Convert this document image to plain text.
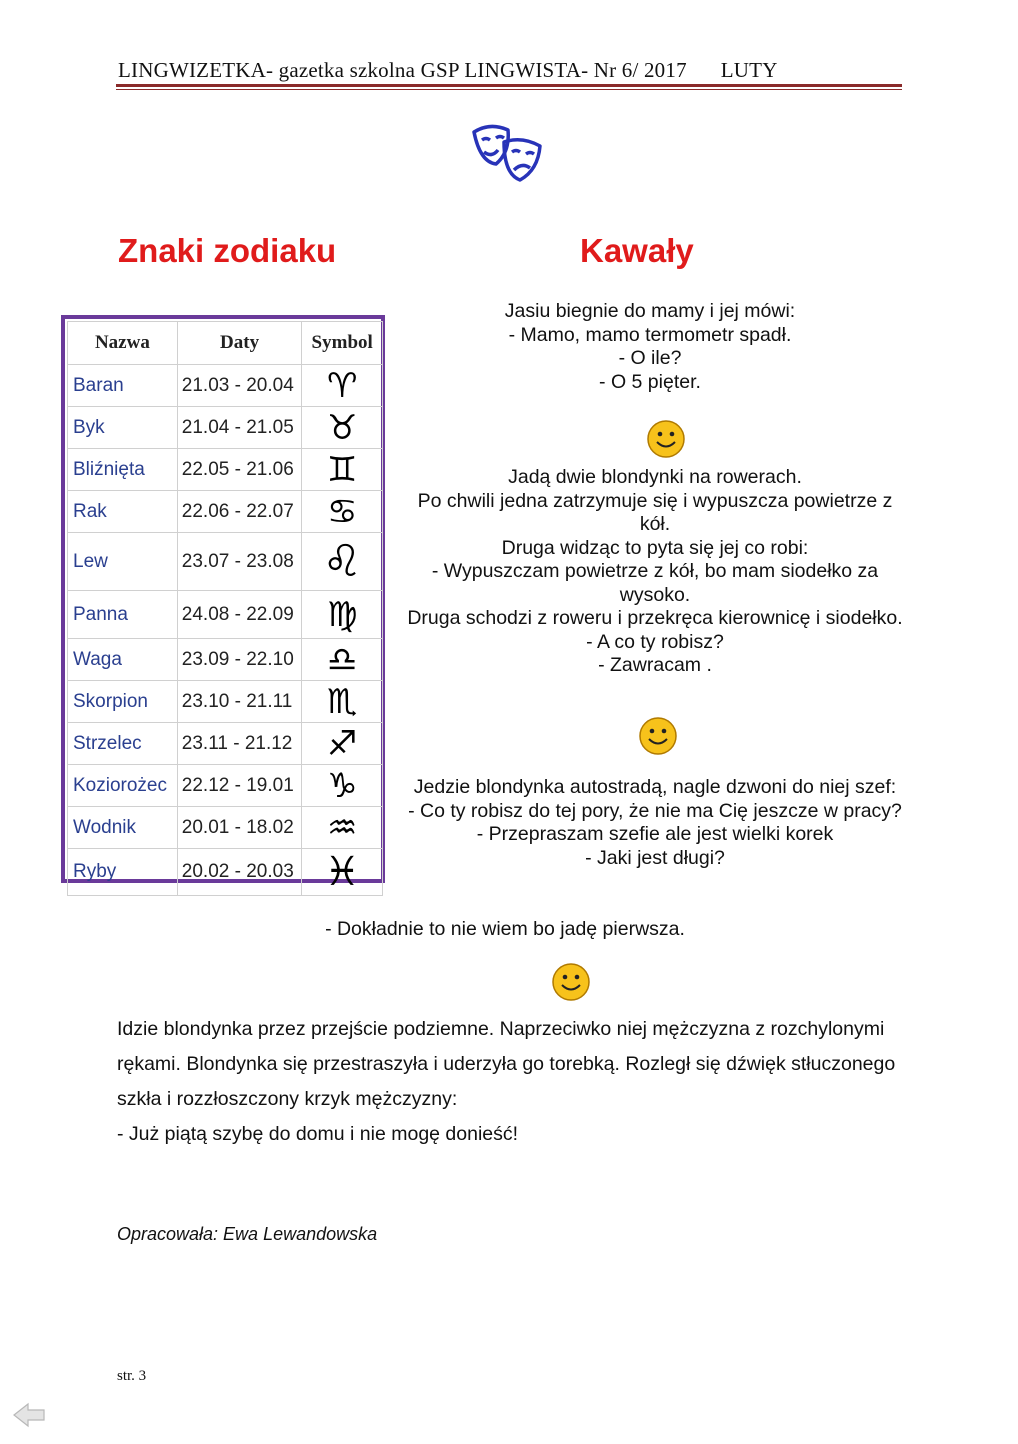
LINGWIZETKA- gazetka szkolna GSP LINGWISTA- Nr 6/ 2017 LUTY
Znaki zodiaku	Kawały
Nazwa	Daty	Symbol
Baran	21.03 - 20.04	♈
Byk	21.04 - 21.05	♉
Bliźnięta	22.05 - 21.06	♊
Rak	22.06 - 22.07	♋
Lew	23.07 - 23.08	♌
Panna	24.08 - 22.09	♍
Waga	23.09 - 22.10	♎
Skorpion	23.10 - 21.11	♏
Strzelec	23.11 - 21.12	♐
Koziorożec	22.12 - 19.01	♑
Wodnik	20.01 - 18.02	♒
Ryby	20.02 - 20.03	♓

Jasiu biegnie do mamy i jej mówi:

- Mamo, mamo termometr spadł.

- O ile?

- O 5 pięter.

Jadą dwie blondynki na rowerach.

Po chwili jedna zatrzymuje się i wypuszcza powietrze z kół.

Druga widząc to pyta się jej co robi:

- Wypuszczam powietrze z kół, bo mam siodełko za wysoko.

Druga schodzi z roweru i przekręca kierownicę i siodełko.

- A co ty robisz?

- Zawracam .

Jedzie blondynka autostradą, nagle dzwoni do niej szef:

- Co ty robisz do tej pory, że nie ma Cię jeszcze w pracy?

- Przepraszam szefie ale jest wielki korek

- Jaki jest długi?

- Dokładnie to nie wiem bo jadę pierwsza.

Idzie blondynka przez przejście podziemne. Naprzeciwko niej mężczyzna z rozchylonymi rękami. Blondynka się przestraszyła i uderzyła go torebką. Rozległ się dźwięk stłuczonego szkła i rozzłoszczony krzyk mężczyzny:

- Już piątą szybę do domu i nie mogę donieść!

Opracowała: Ewa Lewandowska
str. 3
